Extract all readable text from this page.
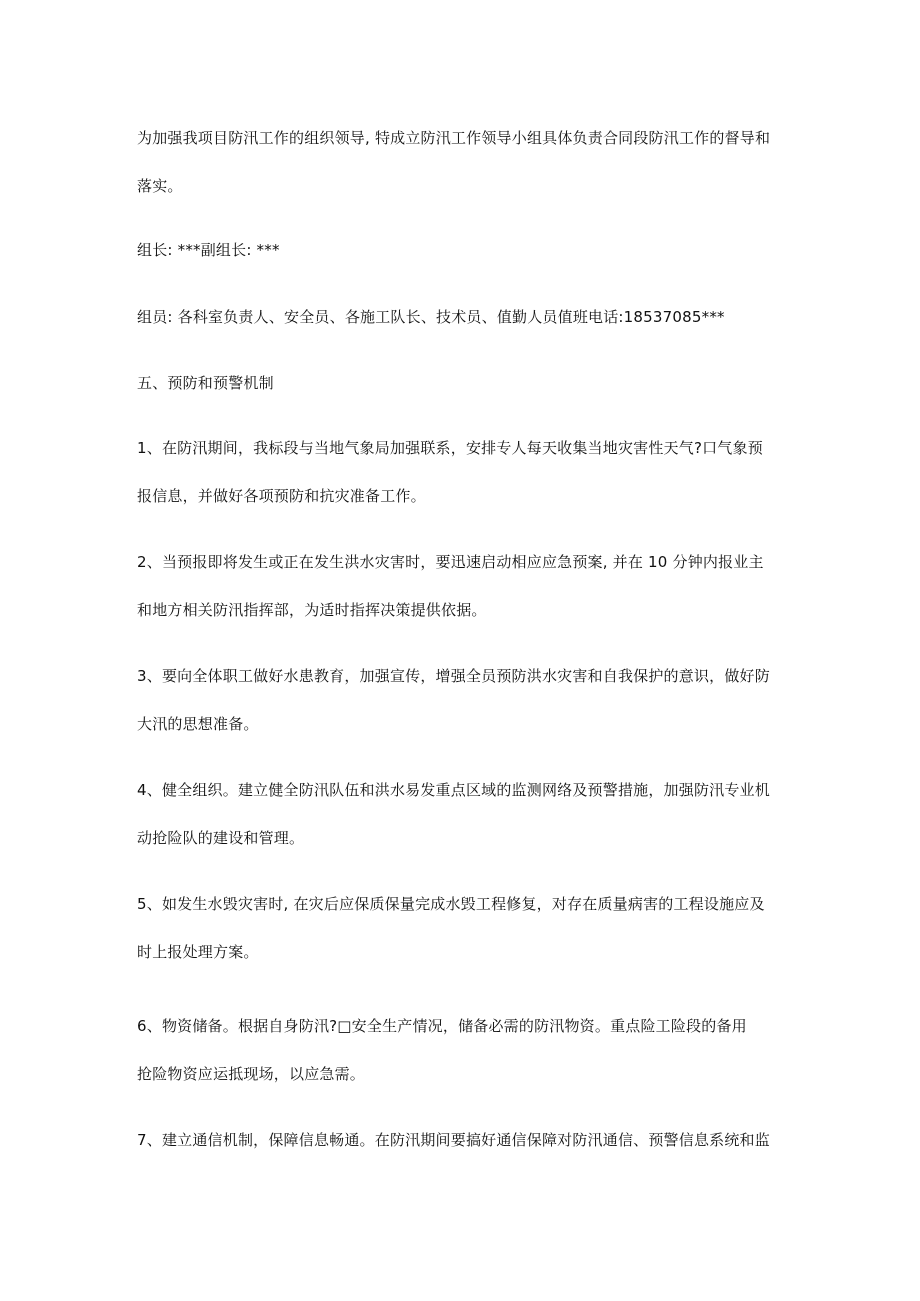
为加强我项目防汛工作的组织领导, 特成立防汛工作领导小组具体负责合同段防汛工作的督导和
落实。
组长: ***副组长: ***
组员: 各科室负责人、安全员、各施工队长、技术员、值勤人员值班电话:18537085***
五、预防和预警机制
1、在防汛期间，我标段与当地气象局加强联系，安排专人每天收集当地灾害性天气?口气象预
报信息，并做好各项预防和抗灾准备工作。
2、当预报即将发生或正在发生洪水灾害时，要迅速启动相应应急预案, 并在 10 分钟内报业主
和地方相关防汛指挥部，为适时指挥决策提供依据。
3、要向全体职工做好水患教育，加强宣传，增强全员预防洪水灾害和自我保护的意识，做好防
大汛的思想准备。
4、健全组织。建立健全防汛队伍和洪水易发重点区域的监测网络及预警措施，加强防汛专业机
动抢险队的建设和管理。
5、如发生水毁灾害时, 在灾后应保质保量完成水毁工程修复，对存在质量病害的工程设施应及
时上报处理方案。
6、物资储备。根据自身防汛?□安全生产情况，储备必需的防汛物资。重点险工险段的备用
抢险物资应运抵现场，以应急需。
7、建立通信机制，保障信息畅通。在防汛期间要搞好通信保障对防汛通信、预警信息系统和监
